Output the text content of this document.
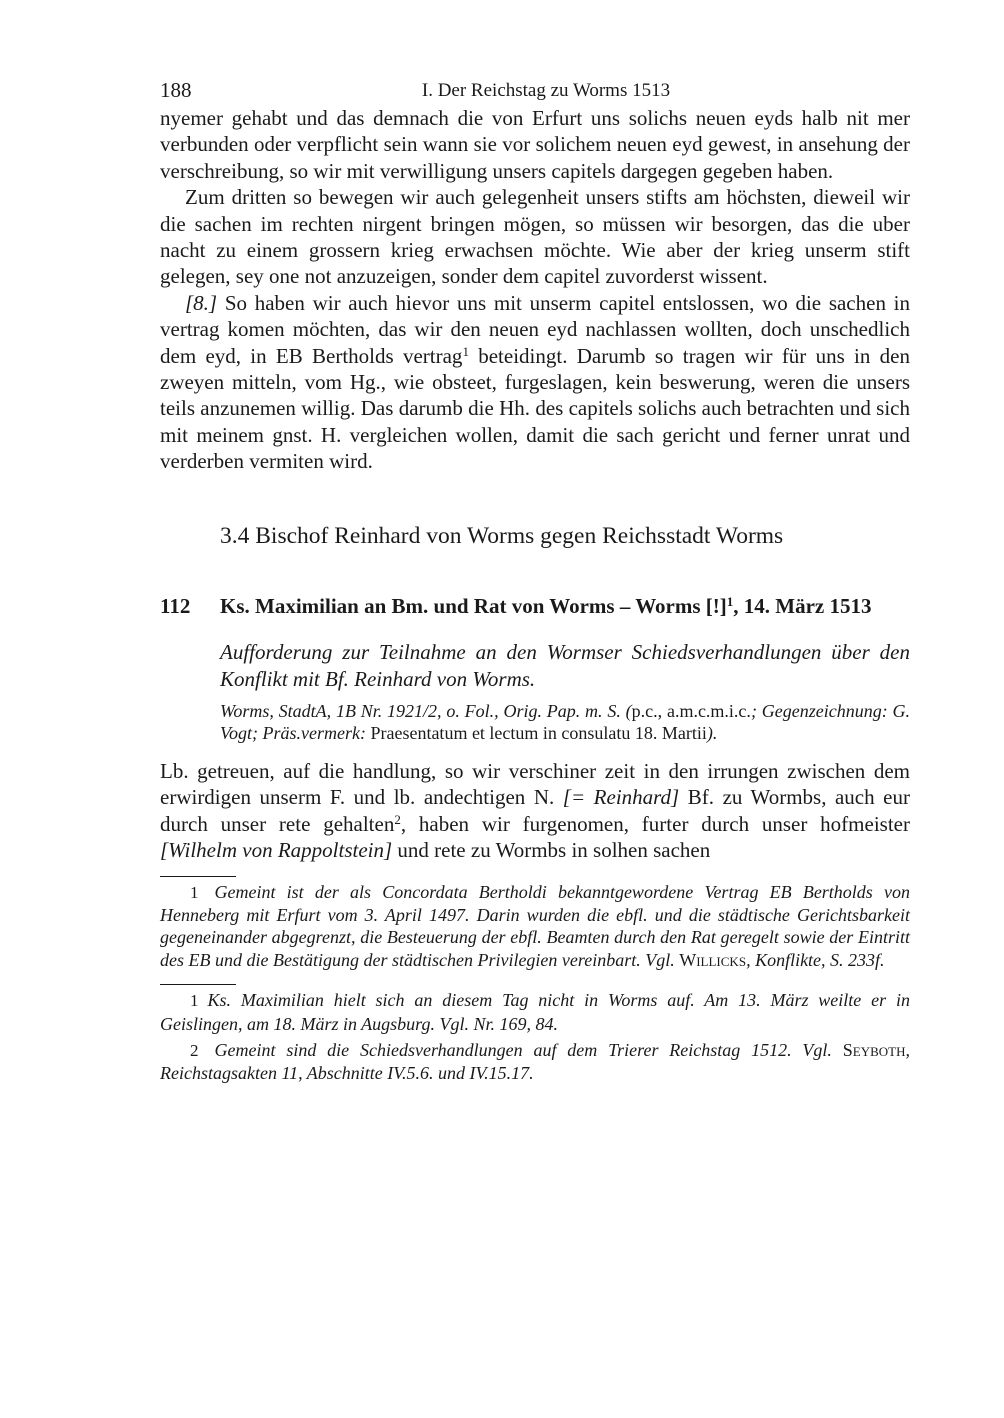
188	I. Der Reichstag zu Worms 1513

nyemer gehabt und das demnach die von Erfurt uns solichs neuen eyds halb nit mer verbunden oder verpflicht sein wann sie vor solichem neuen eyd gewest, in ansehung der verschreibung, so wir mit verwilligung unsers capitels dargegen gegeben haben.

Zum dritten so bewegen wir auch gelegenheit unsers stifts am höchsten, dieweil wir die sachen im rechten nirgent bringen mögen, so müssen wir besorgen, das die uber nacht zu einem grossern krieg erwachsen möchte. Wie aber der krieg unserm stift gelegen, sey one not anzuzeigen, sonder dem capitel zuvorderst wissent.

[8.] So haben wir auch hievor uns mit unserm capitel entslossen, wo die sachen in vertrag komen möchten, das wir den neuen eyd nachlassen wollten, doch unschedlich dem eyd, in EB Bertholds vertrag$^1$ beteidingt. Darumb so tragen wir für uns in den zweyen mitteln, vom Hg., wie obsteet, furgeslagen, kein beswerung, weren die unsers teils anzunemen willig. Das darumb die Hh. des capitels solichs auch betrachten und sich mit meinem gnst. H. vergleichen wollen, damit die sach gericht und ferner unrat und verderben vermiten wird.

3.4 Bischof Reinhard von Worms gegen Reichsstadt Worms
112 Ks. Maximilian an Bm. und Rat von Worms – Worms [!]$^1$, 14. März 1513
Aufforderung zur Teilnahme an den Wormser Schiedsverhandlungen über den Konflikt mit Bf. Reinhard von Worms.
Worms, StadtA, 1B Nr. 1921/2, o. Fol., Orig. Pap. m. S. (p.c., a.m.c.m.i.c.; Gegenzeichnung: G. Vogt; Präs.vermerk: Praesentatum et lectum in consulatu 18. Martii).

Lb. getreuen, auf die handlung, so wir verschiner zeit in den irrungen zwischen dem erwirdigen unserm F. und lb. andechtigen N. [= Reinhard] Bf. zu Wormbs, auch eur durch unser rete gehalten$^2$, haben wir furgenomen, furter durch unser hofmeister [Wilhelm von Rappoltstein] und rete zu Wormbs in solhen sachen

1 Gemeint ist der als Concordata Bertholdi bekanntgewordene Vertrag EB Bertholds von Henneberg mit Erfurt vom 3. April 1497. Darin wurden die ebfl. und die städtische Gerichtsbarkeit gegeneinander abgegrenzt, die Besteuerung der ebfl. Beamten durch den Rat geregelt sowie der Eintritt des EB und die Bestätigung der städtischen Privilegien vereinbart. Vgl. Willicks, Konflikte, S. 233f.
1 Ks. Maximilian hielt sich an diesem Tag nicht in Worms auf. Am 13. März weilte er in Geislingen, am 18. März in Augsburg. Vgl. Nr. 169, 84.
2 Gemeint sind die Schiedsverhandlungen auf dem Trierer Reichstag 1512. Vgl. Seyboth, Reichstagsakten 11, Abschnitte IV.5.6. und IV.15.17.
